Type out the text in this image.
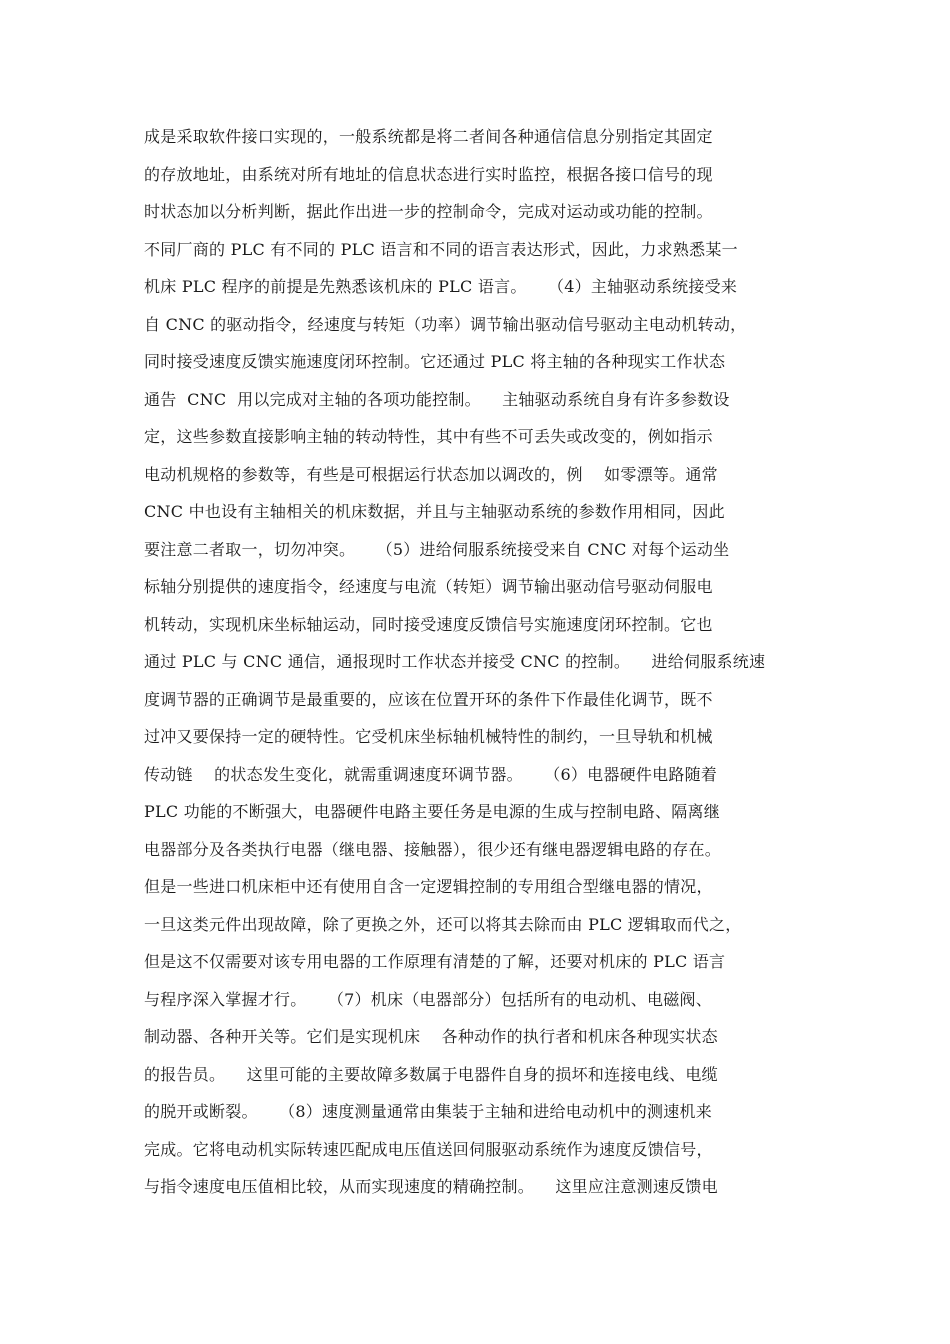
成是采取软件接口实现的，一般系统都是将二者间各种通信信息分别指定其固定
的存放地址，由系统对所有地址的信息状态进行实时监控，根据各接口信号的现
时状态加以分析判断，据此作出进一步的控制命令，完成对运动或功能的控制。
不同厂商的 PLC 有不同的 PLC 语言和不同的语言表达形式，因此，力求熟悉某一
机床 PLC 程序的前提是先熟悉该机床的 PLC 语言。    （4）主轴驱动系统接受来
自 CNC 的驱动指令，经速度与转矩（功率）调节输出驱动信号驱动主电动机转动，
同时接受速度反馈实施速度闭环控制。它还通过 PLC 将主轴的各种现实工作状态
通告  CNC  用以完成对主轴的各项功能控制。    主轴驱动系统自身有许多参数设
定，这些参数直接影响主轴的转动特性，其中有些不可丢失或改变的，例如指示
电动机规格的参数等，有些是可根据运行状态加以调改的，例    如零漂等。通常
CNC 中也设有主轴相关的机床数据，并且与主轴驱动系统的参数作用相同，因此
要注意二者取一，切勿冲突。    （5）进给伺服系统接受来自 CNC 对每个运动坐
标轴分别提供的速度指令，经速度与电流（转矩）调节输出驱动信号驱动伺服电
机转动，实现机床坐标轴运动，同时接受速度反馈信号实施速度闭环控制。它也
通过 PLC 与 CNC 通信，通报现时工作状态并接受 CNC 的控制。    进给伺服系统速
度调节器的正确调节是最重要的，应该在位置开环的条件下作最佳化调节，既不
过冲又要保持一定的硬特性。它受机床坐标轴机械特性的制约，一旦导轨和机械
传动链    的状态发生变化，就需重调速度环调节器。    （6）电器硬件电路随着
PLC 功能的不断强大，电器硬件电路主要任务是电源的生成与控制电路、隔离继
电器部分及各类执行电器（继电器、接触器），很少还有继电器逻辑电路的存在。
但是一些进口机床柜中还有使用自含一定逻辑控制的专用组合型继电器的情况，
一旦这类元件出现故障，除了更换之外，还可以将其去除而由 PLC 逻辑取而代之，
但是这不仅需要对该专用电器的工作原理有清楚的了解，还要对机床的 PLC 语言
与程序深入掌握才行。    （7）机床（电器部分）包括所有的电动机、电磁阀、
制动器、各种开关等。它们是实现机床    各种动作的执行者和机床各种现实状态
的报告员。    这里可能的主要故障多数属于电器件自身的损坏和连接电线、电缆
的脱开或断裂。    （8）速度测量通常由集装于主轴和进给电动机中的测速机来
完成。它将电动机实际转速匹配成电压值送回伺服驱动系统作为速度反馈信号，
与指令速度电压值相比较，从而实现速度的精确控制。    这里应注意测速反馈电
